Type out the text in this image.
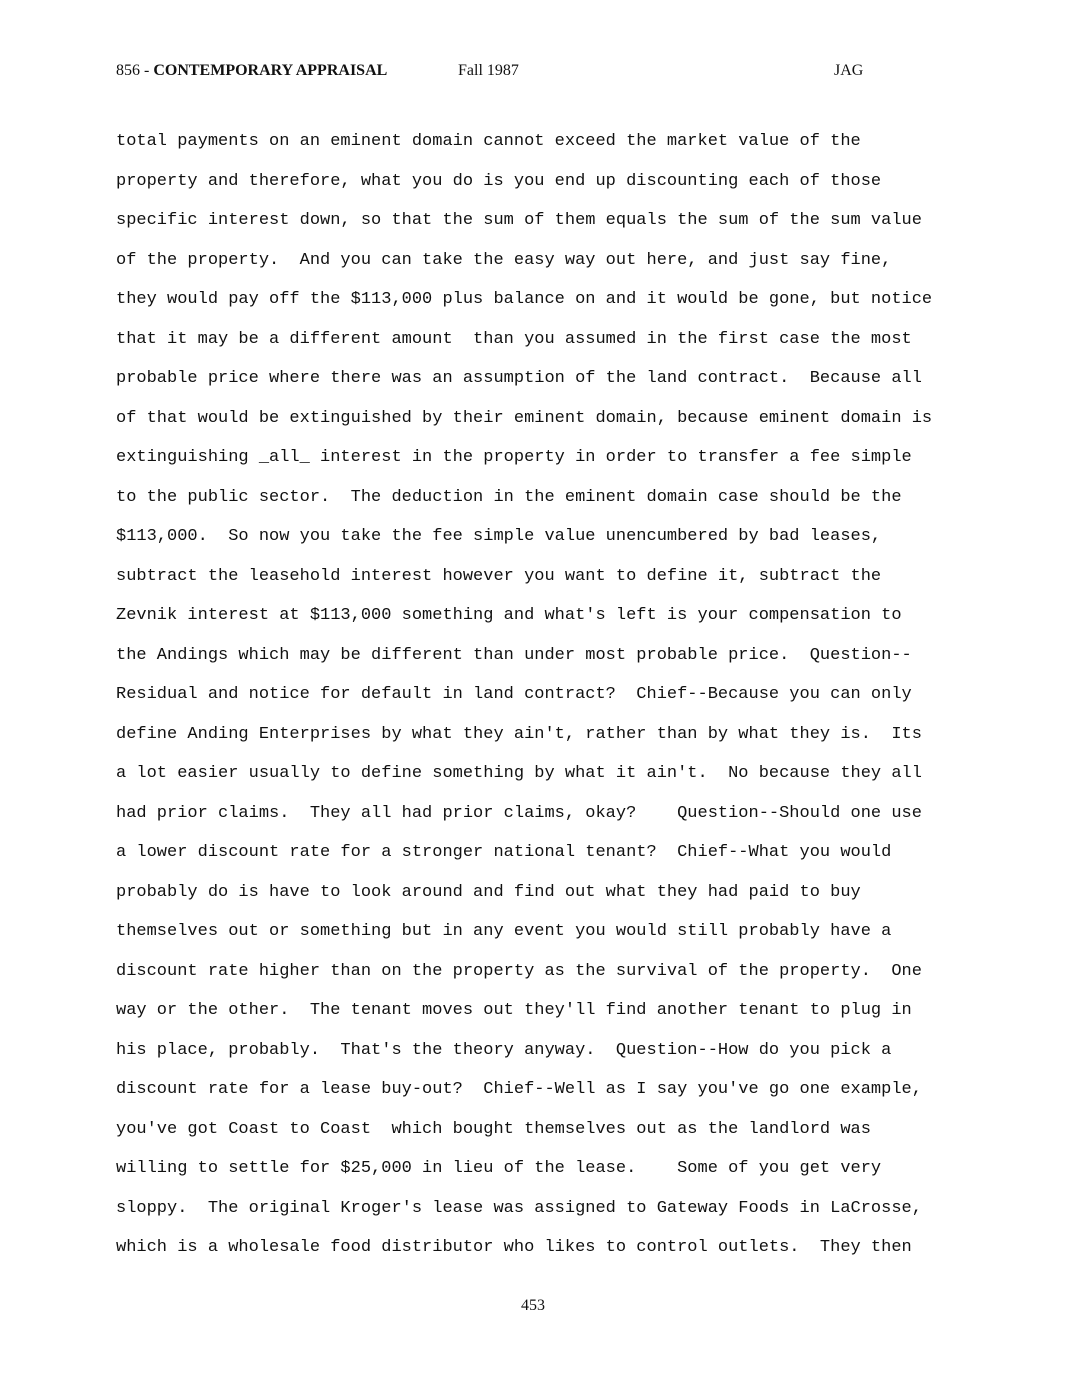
856 - CONTEMPORARY APPRAISAL	Fall 1987	JAG
total payments on an eminent domain cannot exceed the market value of the
property and therefore, what you do is you end up discounting each of those
specific interest down, so that the sum of them equals the sum of the sum value
of the property.  And you can take the easy way out here, and just say fine,
they would pay off the $113,000 plus balance on and it would be gone, but notice
that it may be a different amount  than you assumed in the first case the most
probable price where there was an assumption of the land contract.  Because all
of that would be extinguished by their eminent domain, because eminent domain is
extinguishing _all_ interest in the property in order to transfer a fee simple
to the public sector.  The deduction in the eminent domain case should be the
$113,000.  So now you take the fee simple value unencumbered by bad leases,
subtract the leasehold interest however you want to define it, subtract the
Zevnik interest at $113,000 something and what's left is your compensation to
the Andings which may be different than under most probable price.  Question--
Residual and notice for default in land contract?  Chief--Because you can only
define Anding Enterprises by what they ain't, rather than by what they is.  Its
a lot easier usually to define something by what it ain't.  No because they all
had prior claims.  They all had prior claims, okay?    Question--Should one use
a lower discount rate for a stronger national tenant?  Chief--What you would
probably do is have to look around and find out what they had paid to buy
themselves out or something but in any event you would still probably have a
discount rate higher than on the property as the survival of the property.  One
way or the other.  The tenant moves out they'll find another tenant to plug in
his place, probably.  That's the theory anyway.  Question--How do you pick a
discount rate for a lease buy-out?  Chief--Well as I say you've go one example,
you've got Coast to Coast  which bought themselves out as the landlord was
willing to settle for $25,000 in lieu of the lease.    Some of you get very
sloppy.  The original Kroger's lease was assigned to Gateway Foods in LaCrosse,
which is a wholesale food distributor who likes to control outlets.  They then
453
